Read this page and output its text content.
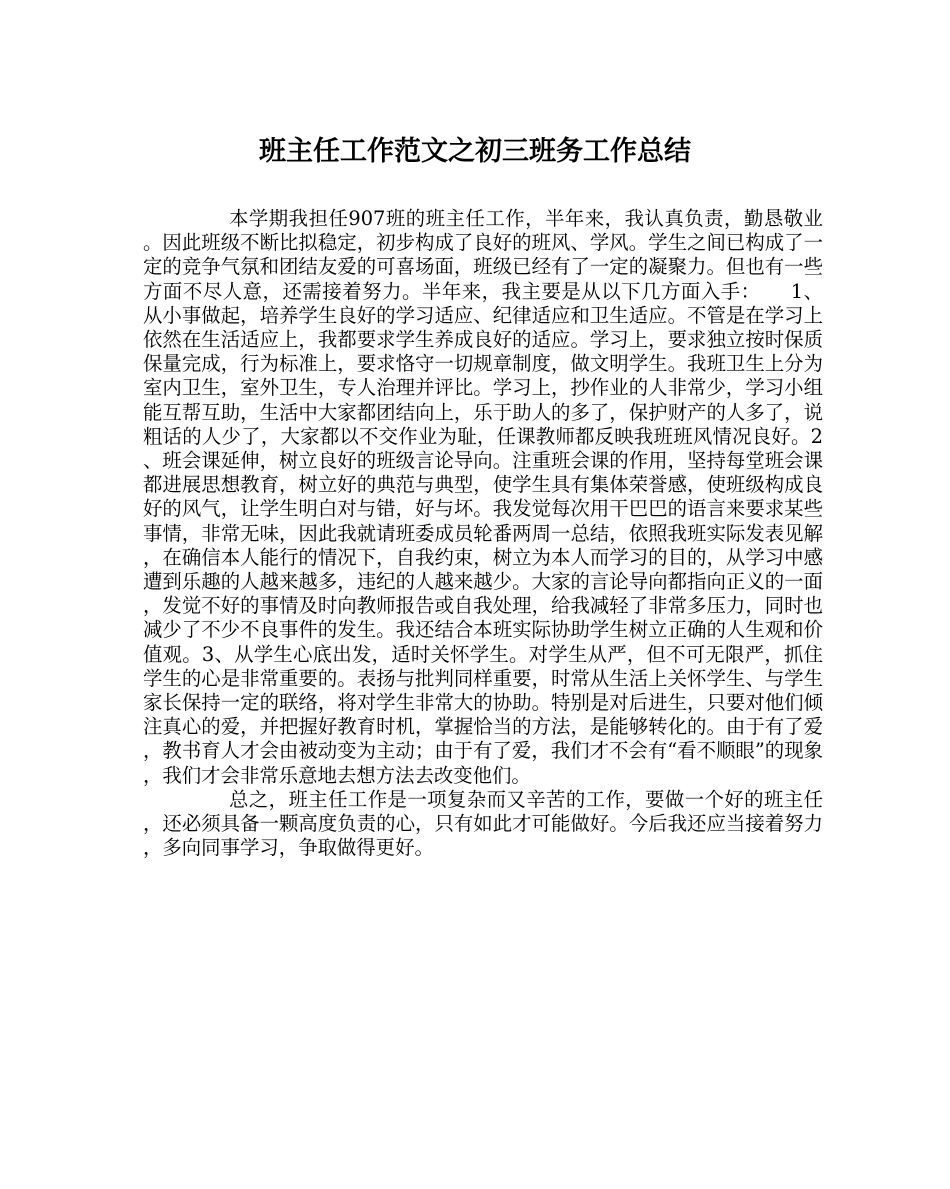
班主任工作范文之初三班务工作总结

本学期我担任907班的班主任工作，半年来，我认真负责，勤恳敬业。因此班级不断比拟稳定，初步构成了良好的班风、学风。学生之间已构成了一定的竞争气氛和团结友爱的可喜场面，班级已经有了一定的凝聚力。但也有一些方面不尽人意，还需接着努力。半年来，我主要是从以下几方面入手：　　1、从小事做起，培养学生良好的学习适应、纪律适应和卫生适应。不管是在学习上依然在生活适应上，我都要求学生养成良好的适应。学习上，要求独立按时保质保量完成，行为标准上，要求恪守一切规章制度，做文明学生。我班卫生上分为室内卫生，室外卫生，专人治理并评比。学习上，抄作业的人非常少，学习小组能互帮互助，生活中大家都团结向上，乐于助人的多了，保护财产的人多了，说粗话的人少了，大家都以不交作业为耻，任课教师都反映我班班风情况良好。2、班会课延伸，树立良好的班级言论导向。注重班会课的作用，坚持每堂班会课都进展思想教育，树立好的典范与典型，使学生具有集体荣誉感，使班级构成良好的风气，让学生明白对与错，好与坏。我发觉每次用干巴巴的语言来要求某些事情，非常无味，因此我就请班委成员轮番两周一总结，依照我班实际发表见解，在确信本人能行的情况下，自我约束，树立为本人而学习的目的，从学习中感遭到乐趣的人越来越多，违纪的人越来越少。大家的言论导向都指向正义的一面，发觉不好的事情及时向教师报告或自我处理，给我减轻了非常多压力，同时也减少了不少不良事件的发生。我还结合本班实际协助学生树立正确的人生观和价值观。3、从学生心底出发，适时关怀学生。对学生从严，但不可无限严，抓住学生的心是非常重要的。表扬与批判同样重要，时常从生活上关怀学生、与学生家长保持一定的联络，将对学生非常大的协助。特别是对后进生，只要对他们倾注真心的爱，并把握好教育时机，掌握恰当的方法，是能够转化的。由于有了爱，教书育人才会由被动变为主动；由于有了爱，我们才不会有“看不顺眼”的现象，我们才会非常乐意地去想方法去改变他们。

总之，班主任工作是一项复杂而又辛苦的工作，要做一个好的班主任，还必须具备一颗高度负责的心，只有如此才可能做好。今后我还应当接着努力，多向同事学习，争取做得更好。
